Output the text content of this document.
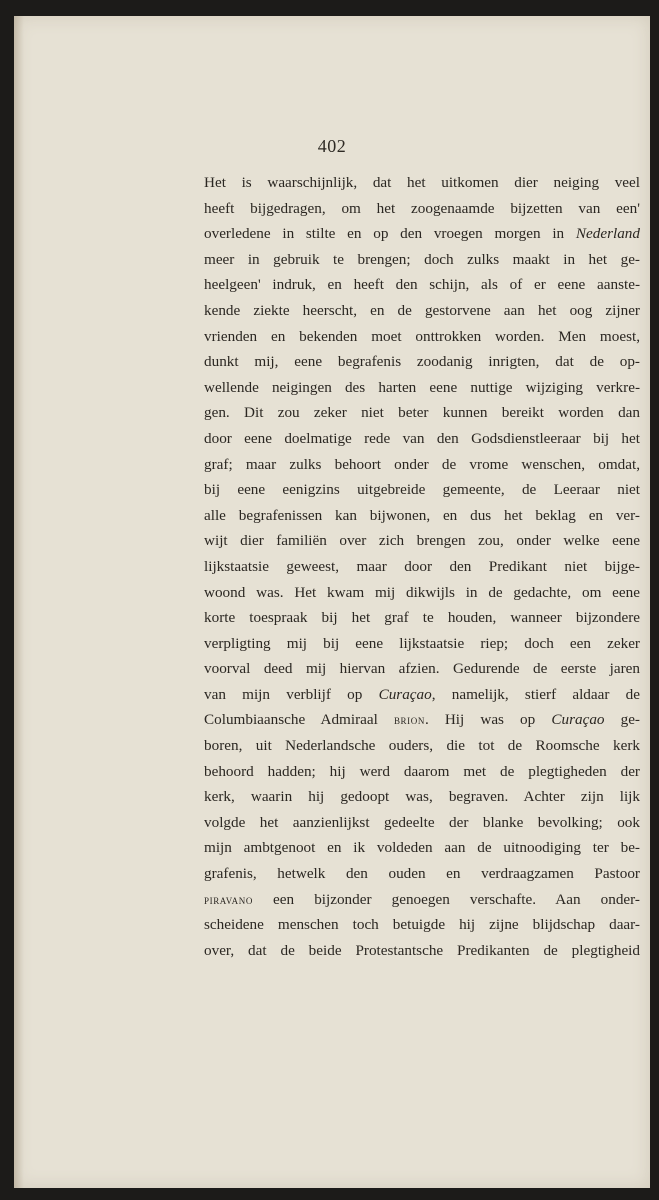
402
Het is waarschijnlijk, dat het uitkomen dier neiging veel
heeft bijgedragen, om het zoogenaamde bijzetten van een'
overledene in stilte en op den vroegen morgen in Nederland
meer in gebruik te brengen; doch zulks maakt in het ge-
heelgeen' indruk, en heeft den schijn, als of er eene aanste-
kende ziekte heerscht, en de gestorvene aan het oog zijner
vrienden en bekenden moet onttrokken worden. Men moest,
dunkt mij, eene begrafenis zoodanig inrigten, dat de op-
wellende neigingen des harten eene nuttige wijziging verkre-
gen. Dit zou zeker niet beter kunnen bereikt worden dan
door eene doelmatige rede van den Godsdienstleeraar bij het
graf; maar zulks behoort onder de vrome wenschen, omdat,
bij eene eenigzins uitgebreide gemeente, de Leeraar niet
alle begrafenissen kan bijwonen, en dus het beklag en ver-
wijt dier familiën over zich brengen zou, onder welke eene
lijkstaatsie geweest, maar door den Predikant niet bijge-
woond was. Het kwam mij dikwijls in de gedachte, om eene
korte toespraak bij het graf te houden, wanneer bijzondere
verpligting mij bij eene lijkstaatsie riep; doch een zeker
voorval deed mij hiervan afzien. Gedurende de eerste jaren
van mijn verblijf op Curaçao, namelijk, stierf aldaar de
Columbiaansche Admiraal brion. Hij was op Curaçao ge-
boren, uit Nederlandsche ouders, die tot de Roomsche kerk
behoord hadden; hij werd daarom met de plegtigheden der
kerk, waarin hij gedoopt was, begraven. Achter zijn lijk
volgde het aanzienlijkst gedeelte der blanke bevolking; ook
mijn ambtgenoot en ik voldeden aan de uitnoodiging ter be-
grafenis, hetwelk den ouden en verdraagzamen Pastoor
piravano een bijzonder genoegen verschafte. Aan onder-
scheidene menschen toch betuigde hij zijne blijdschap daar-
over, dat de beide Protestantsche Predikanten de plegtigheid
